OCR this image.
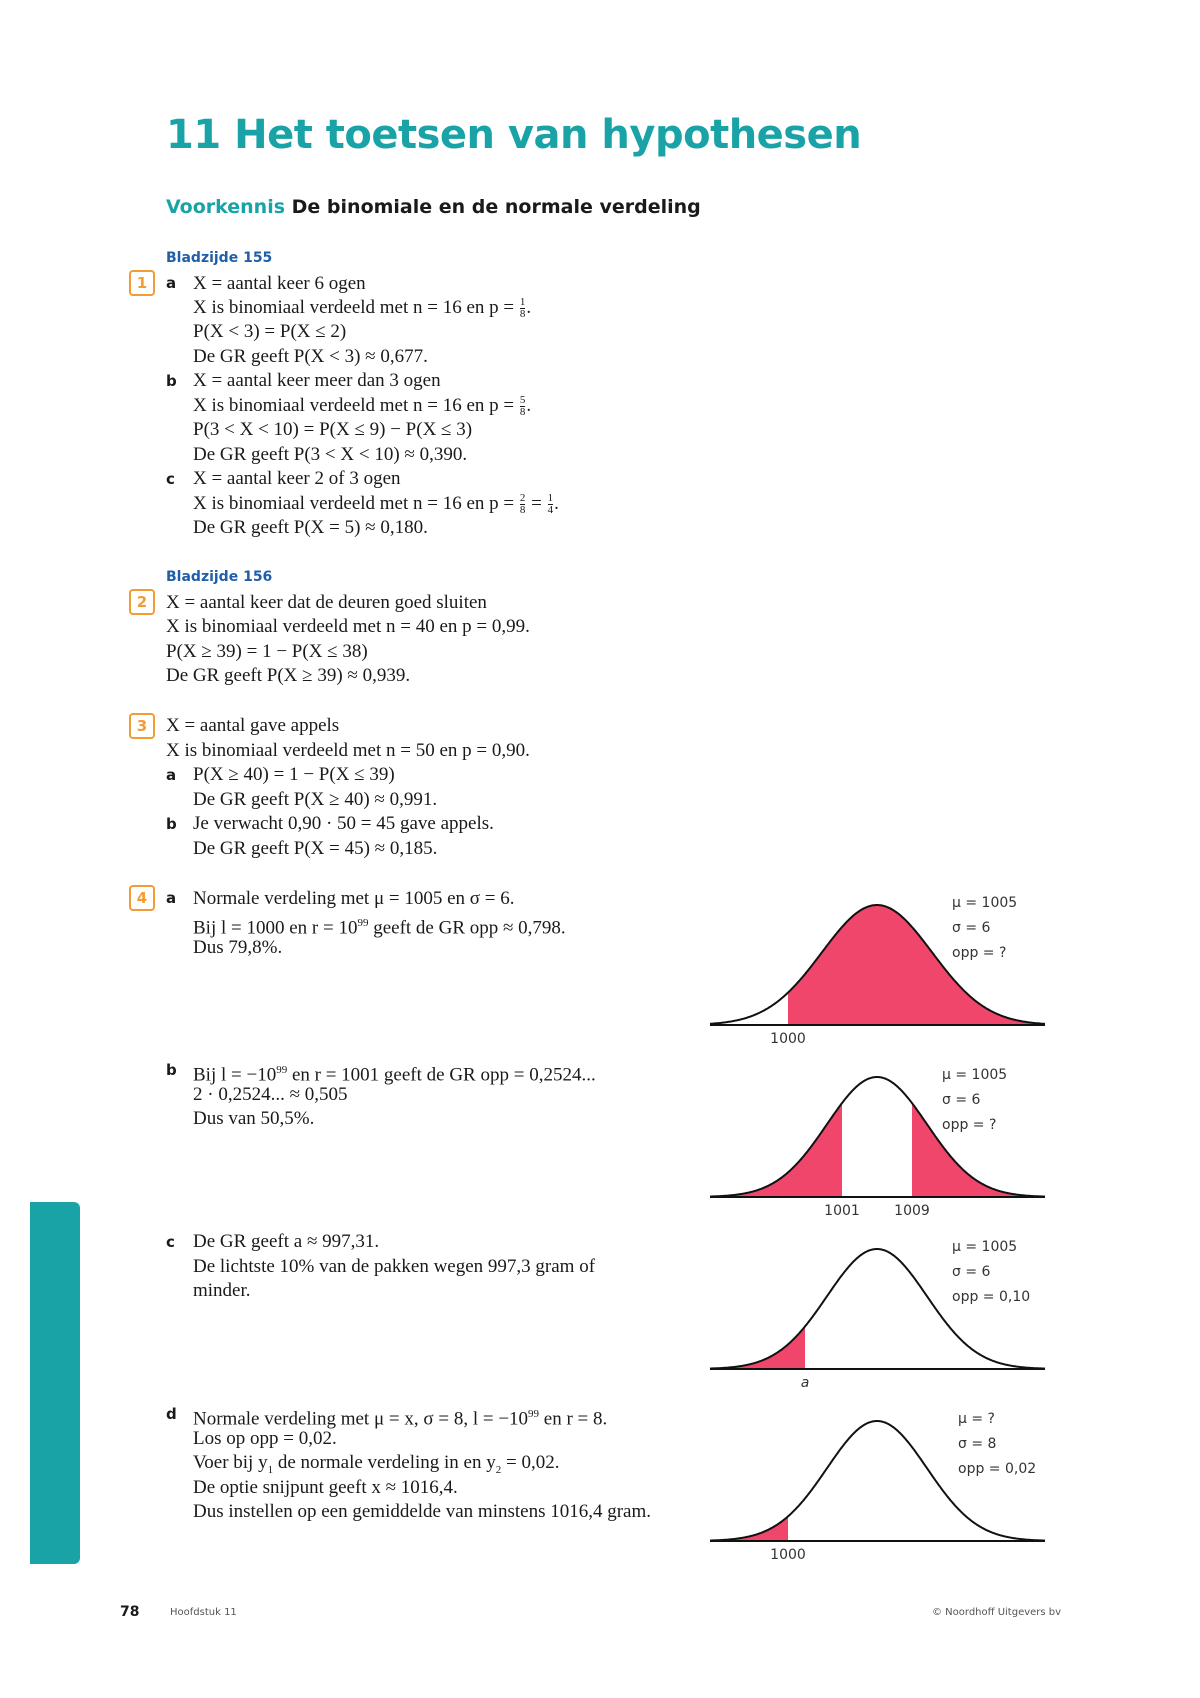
11 Het toetsen van hypothesen
Voorkennis De binomiale en de normale verdeling
Bladzijde 155
1	a X = aantal keer 6 ogen
X is binomiaal verdeeld met n = 16 en $p = \frac{1}{8}$ .
P(X < 3) = P(X ≤ 2)
De GR geeft P(X < 3) ≈ 0,677.
b X = aantal keer meer dan 3 ogen
X is binomiaal verdeeld met n = 16 en $p = \frac{5}{8}$ .
P(3 < X < 10) = P(X ≤ 9) − P(X ≤ 3)
De GR geeft P(3 < X < 10) ≈ 0,390.
c X = aantal keer 2 of 3 ogen
X is binomiaal verdeeld met n = 16 en $p = \frac{2}{8} = \frac{1}{4}$ .
De GR geeft P(X = 5) ≈ 0,180.
Bladzijde 156
2 X = aantal keer dat de deuren goed sluiten
X is binomiaal verdeeld met n = 40 en p = 0,99.
P(X ≥ 39) = 1 − P(X ≤ 38)
De GR geeft P(X ≥ 39) ≈ 0,939.
3 X = aantal gave appels
X is binomiaal verdeeld met n = 50 en p = 0,90.
a P(X ≥ 40) = 1 − P(X ≤ 39)
De GR geeft P(X ≥ 40) ≈ 0,991.
b Je verwacht 0,90 · 50 = 45 gave appels.
De GR geeft P(X = 45) ≈ 0,185.
4	a Normale verdeling met μ = 1005 en σ = 6.
Bij l = 1000 en $r = 10^{99}$ geeft de GR opp ≈ 0,798.
Dus 79,8%.
b Bij $l = -10^{99}$ en r = 1001 geeft de GR opp = 0,2524...
2 · 0,2524... ≈ 0,505
Dus van 50,5%.
c De GR geeft a ≈ 997,31.
De lichtste 10% van de pakken wegen 997,3 gram of
minder.
d Normale verdeling met μ = x, σ = 8, $l = -10^{99}$ en r = 8.
Los op opp = 0,02.
Voer bij $y_1$ de normale verdeling in en $y_2 = 0,02$.
De optie snijpunt geeft x ≈ 1016,4.
Dus instellen op een gemiddelde van minstens 1016,4 gram.
μ = 1005
σ = 6
opp = ?
1000
μ = 1005
σ = 6
opp = ?
1001 1009
μ = 1005
σ = 6
opp = 0,10
a
μ = ?
σ = 8
opp = 0,02
1000
78	Hoofdstuk 11	© Noordhoff Uitgevers bv
